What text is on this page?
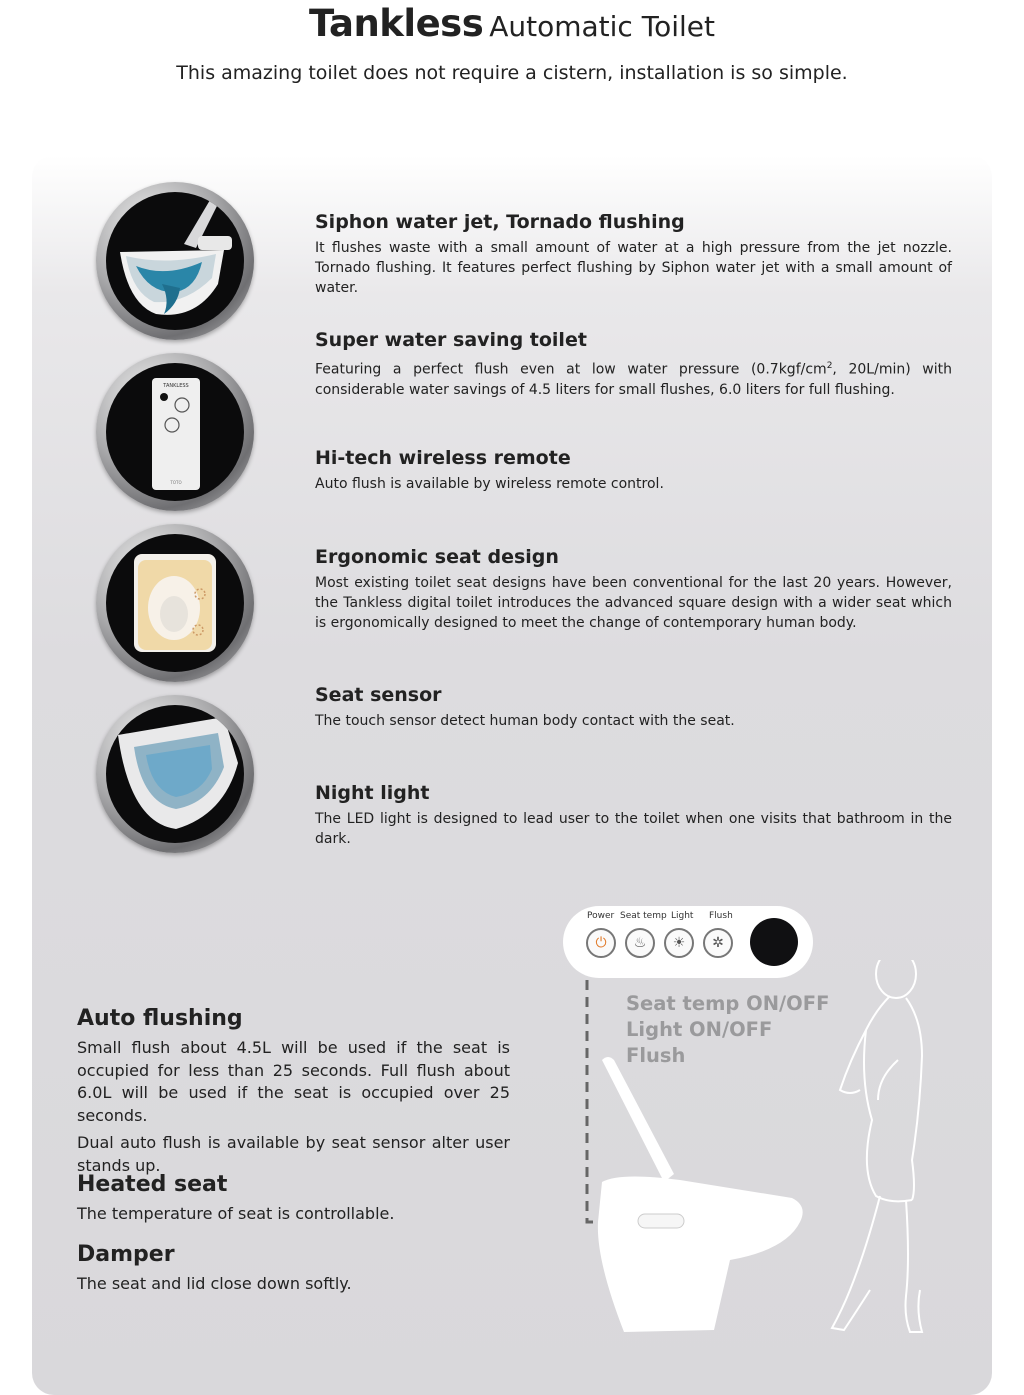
Tankless Automatic Toilet
This amazing toilet does not require a cistern, installation is so simple.
TANKLESS
TOTO
Siphon water jet, Tornado flushing

It flushes waste with a small amount of water at a high pressure from the jet nozzle. Tornado flushing. It features perfect flushing by Siphon water jet with a small amount of water.

Super water saving toilet

Featuring a perfect flush even at low water pressure ($0.7kgf/cm^2$, 20L/min) with considerable water savings of 4.5 liters for small flushes, 6.0 liters for full flushing.

Hi-tech wireless remote

Auto flush is available by wireless remote control.

Ergonomic seat design

Most existing toilet seat designs have been conventional for the last 20 years. However, the Tankless digital toilet introduces the advanced square design with a wider seat which is ergonomically designed to meet the change of contemporary human body.

Seat sensor

The touch sensor detect human body contact with the seat.

Night light

The LED light is designed to lead user to the toilet when one visits that bathroom in the dark.

Auto flushing

Small flush about 4.5L will be used if the seat is occupied for less than 25 seconds. Full flush about 6.0L will be used if the seat is occupied over 25 seconds.

Dual auto flush is available by seat sensor alter user stands up.

Heated seat

The temperature of seat is controllable.

Damper

The seat and lid close down softly.

Power Seat temp Light Flush
⏻	♨	☀	✲
Seat temp ON/OFF
Light ON/OFF
Flush
